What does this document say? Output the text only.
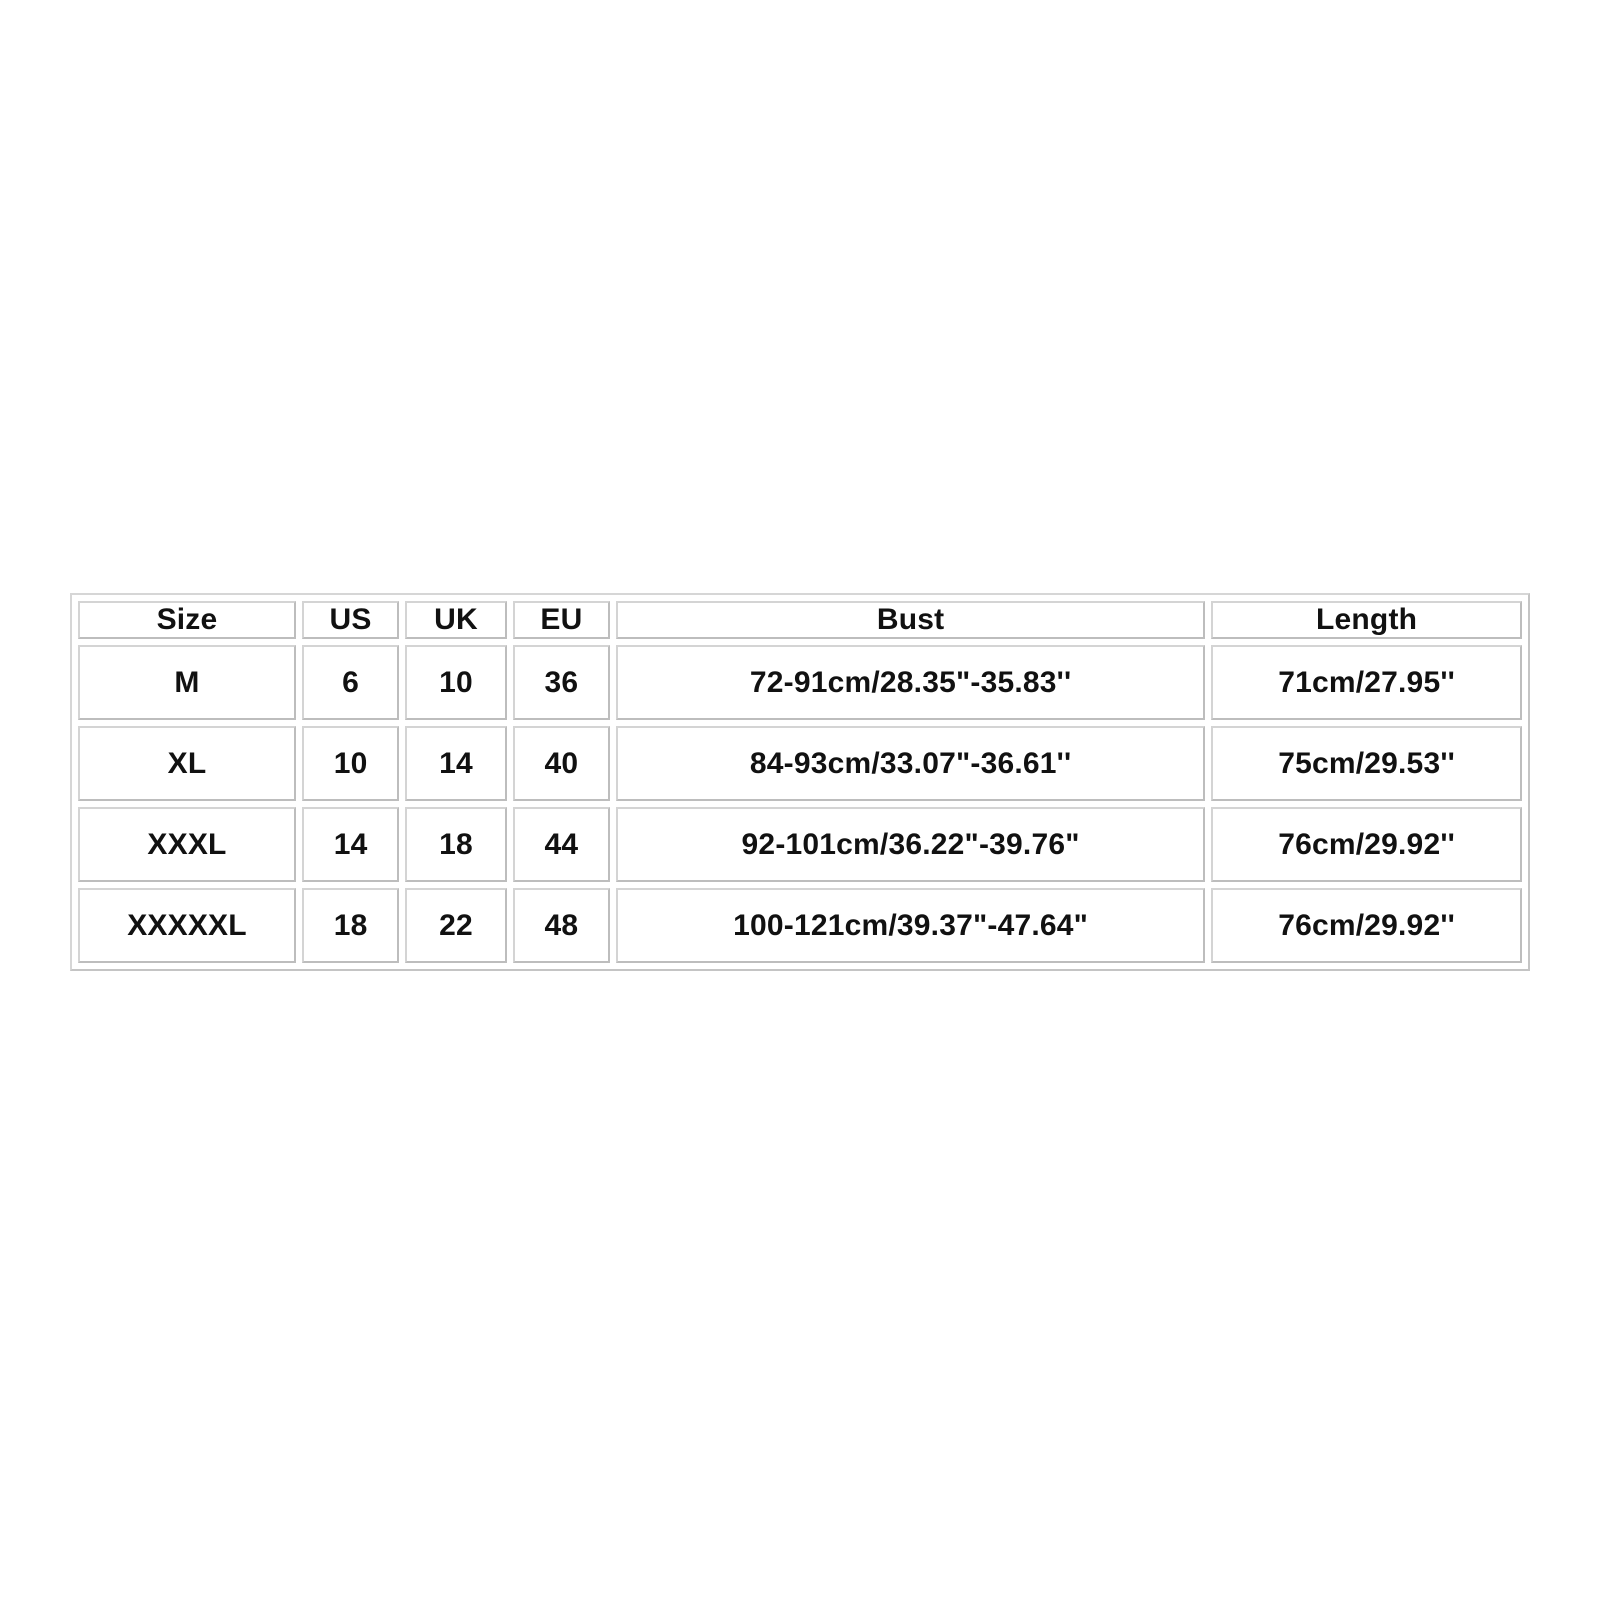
Size	US	UK	EU	Bust	Length
M	6	10	36	72-91cm/28.35"-35.83''	71cm/27.95''
XL	10	14	40	84-93cm/33.07"-36.61''	75cm/29.53''
XXXL	14	18	44	92-101cm/36.22"-39.76"	76cm/29.92''
XXXXXL	18	22	48	100-121cm/39.37"-47.64"	76cm/29.92''
